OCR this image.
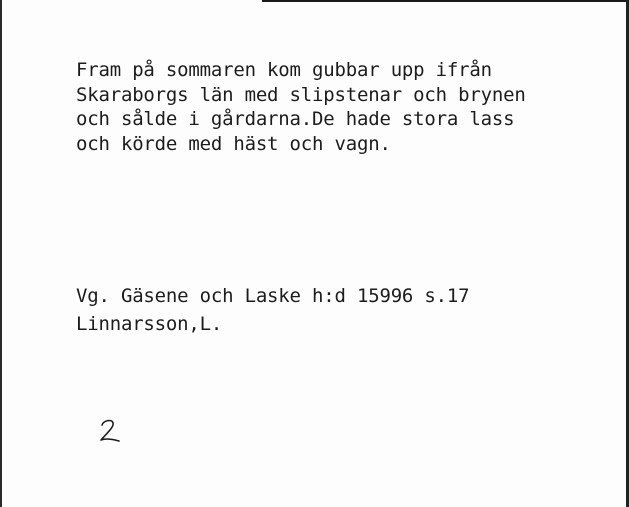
Fram på sommaren kom gubbar upp ifrån

Skaraborgs län med slipstenar och brynen

och sålde i gårdarna.De hade stora lass

och körde med häst och vagn.

Vg. Gäsene och Laske h:d 15996 s.17

Linnarsson,L.
